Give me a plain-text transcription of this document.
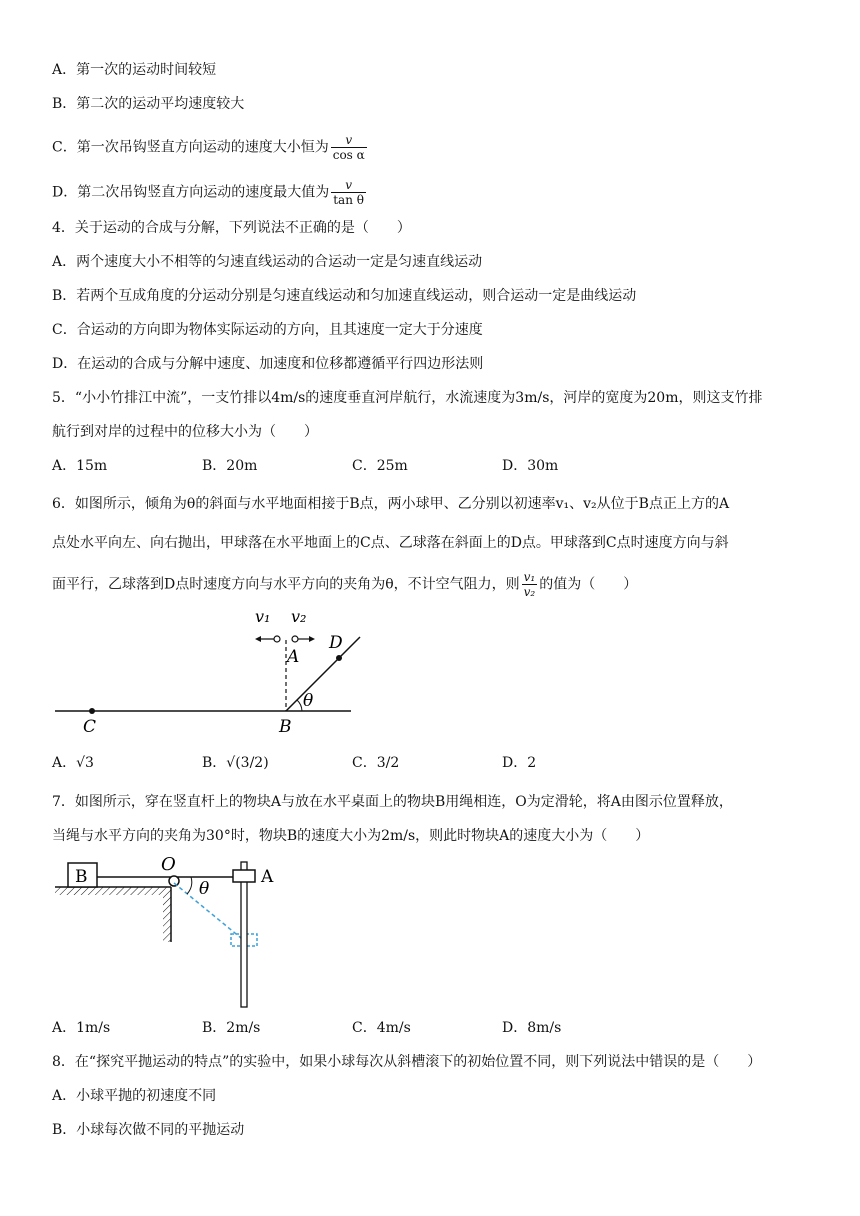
A．第一次的运动时间较短
B．第二次的运动平均速度较大
C．第一次吊钩竖直方向运动的速度大小恒为 $\frac{v}{\text{cos α}}$
D．第二次吊钩竖直方向运动的速度最大值为 $\frac{v}{\text{tan θ}}$
4．关于运动的合成与分解，下列说法不正确的是（　　）
A．两个速度大小不相等的匀速直线运动的合运动一定是匀速直线运动
B．若两个互成角度的分运动分别是匀速直线运动和匀加速直线运动，则合运动一定是曲线运动
C．合运动的方向即为物体实际运动的方向，且其速度一定大于分速度
D．在运动的合成与分解中速度、加速度和位移都遵循平行四边形法则
5．“小小竹排江中流”，一支竹排以4m/s的速度垂直河岸航行，水流速度为3m/s，河岸的宽度为20m，则这支竹排
航行到对岸的过程中的位移大小为（　　）
A．15m	B．20m	C．25m	D．30m
6．如图所示，倾角为θ的斜面与水平地面相接于B点，两小球甲、乙分别以初速率v₁、v₂从位于B点正上方的A
点处水平向左、向右抛出，甲球落在水平地面上的C点、乙球落在斜面上的D点。甲球落到C点时速度方向与斜
面平行，乙球落到D点时速度方向与水平方向的夹角为θ，不计空气阻力，则 $\frac{\text{v₁}}{\text{v₂}}$ 的值为（　　）
v₁ v₂
A
D
θ
C	B
A．√3	B．√(3/2)	C．3/2	D．2
7．如图所示，穿在竖直杆上的物块A与放在水平桌面上的物块B用绳相连，O为定滑轮，将A由图示位置释放，
当绳与水平方向的夹角为30°时，物块B的速度大小为2m/s，则此时物块A的速度大小为（　　）
B
O
A
θ
A．1m/s	B．2m/s	C．4m/s	D．8m/s
8．在“探究平抛运动的特点”的实验中，如果小球每次从斜槽滚下的初始位置不同，则下列说法中错误的是（　　）
A．小球平抛的初速度不同
B．小球每次做不同的平抛运动
